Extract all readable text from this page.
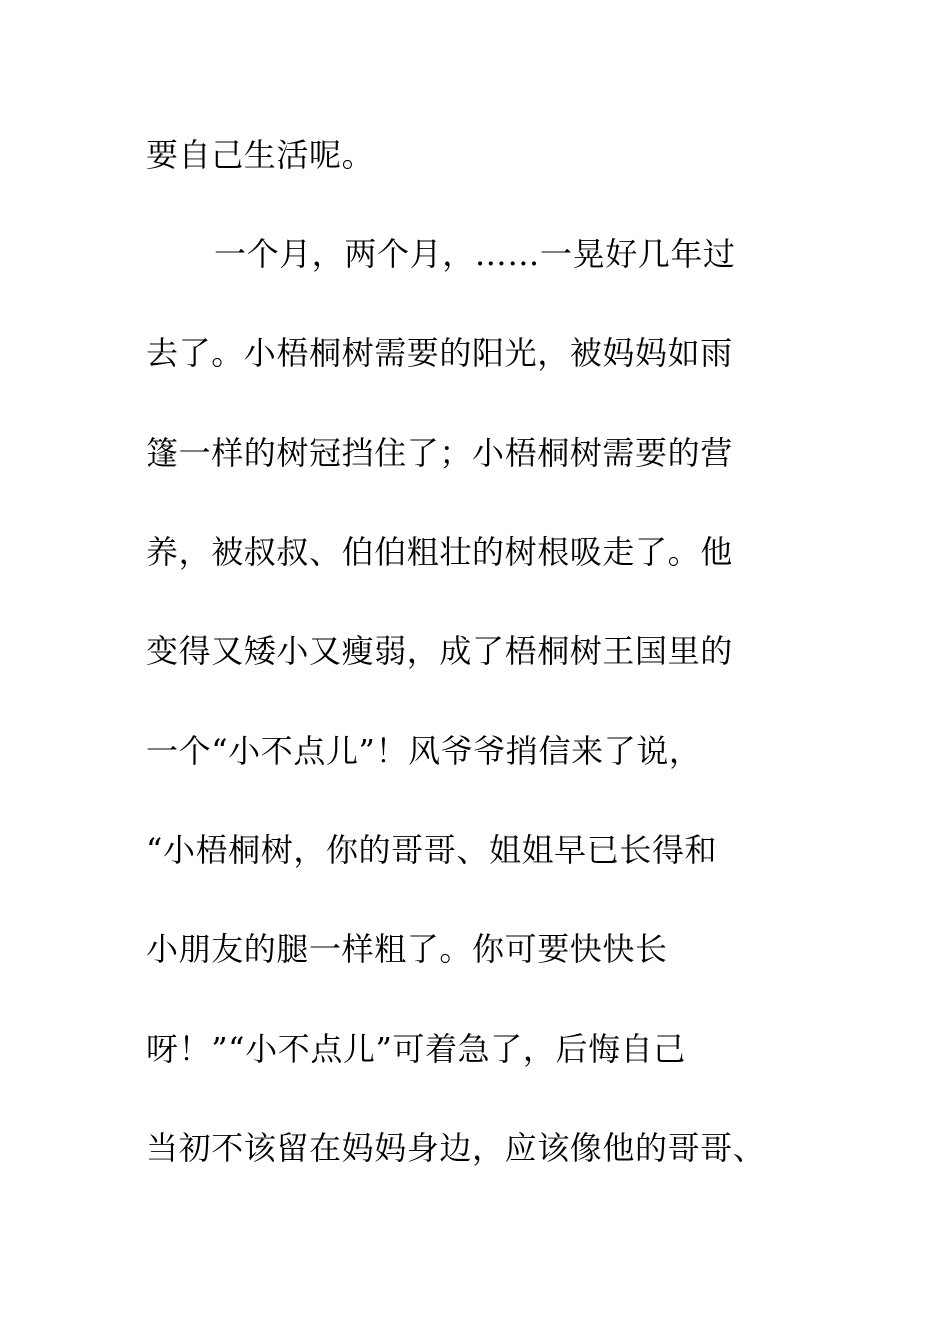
要自己生活呢。
一个月，两个月，……一晃好几年过
去了。小梧桐树需要的阳光，被妈妈如雨
篷一样的树冠挡住了；小梧桐树需要的营
养，被叔叔、伯伯粗壮的树根吸走了。他
变得又矮小又瘦弱，成了梧桐树王国里的
一个“小不点儿”！风爷爷捎信来了说，
“小梧桐树，你的哥哥、姐姐早已长得和
小朋友的腿一样粗了。你可要快快长
呀！”“小不点儿”可着急了，后悔自己
当初不该留在妈妈身边，应该像他的哥哥、
